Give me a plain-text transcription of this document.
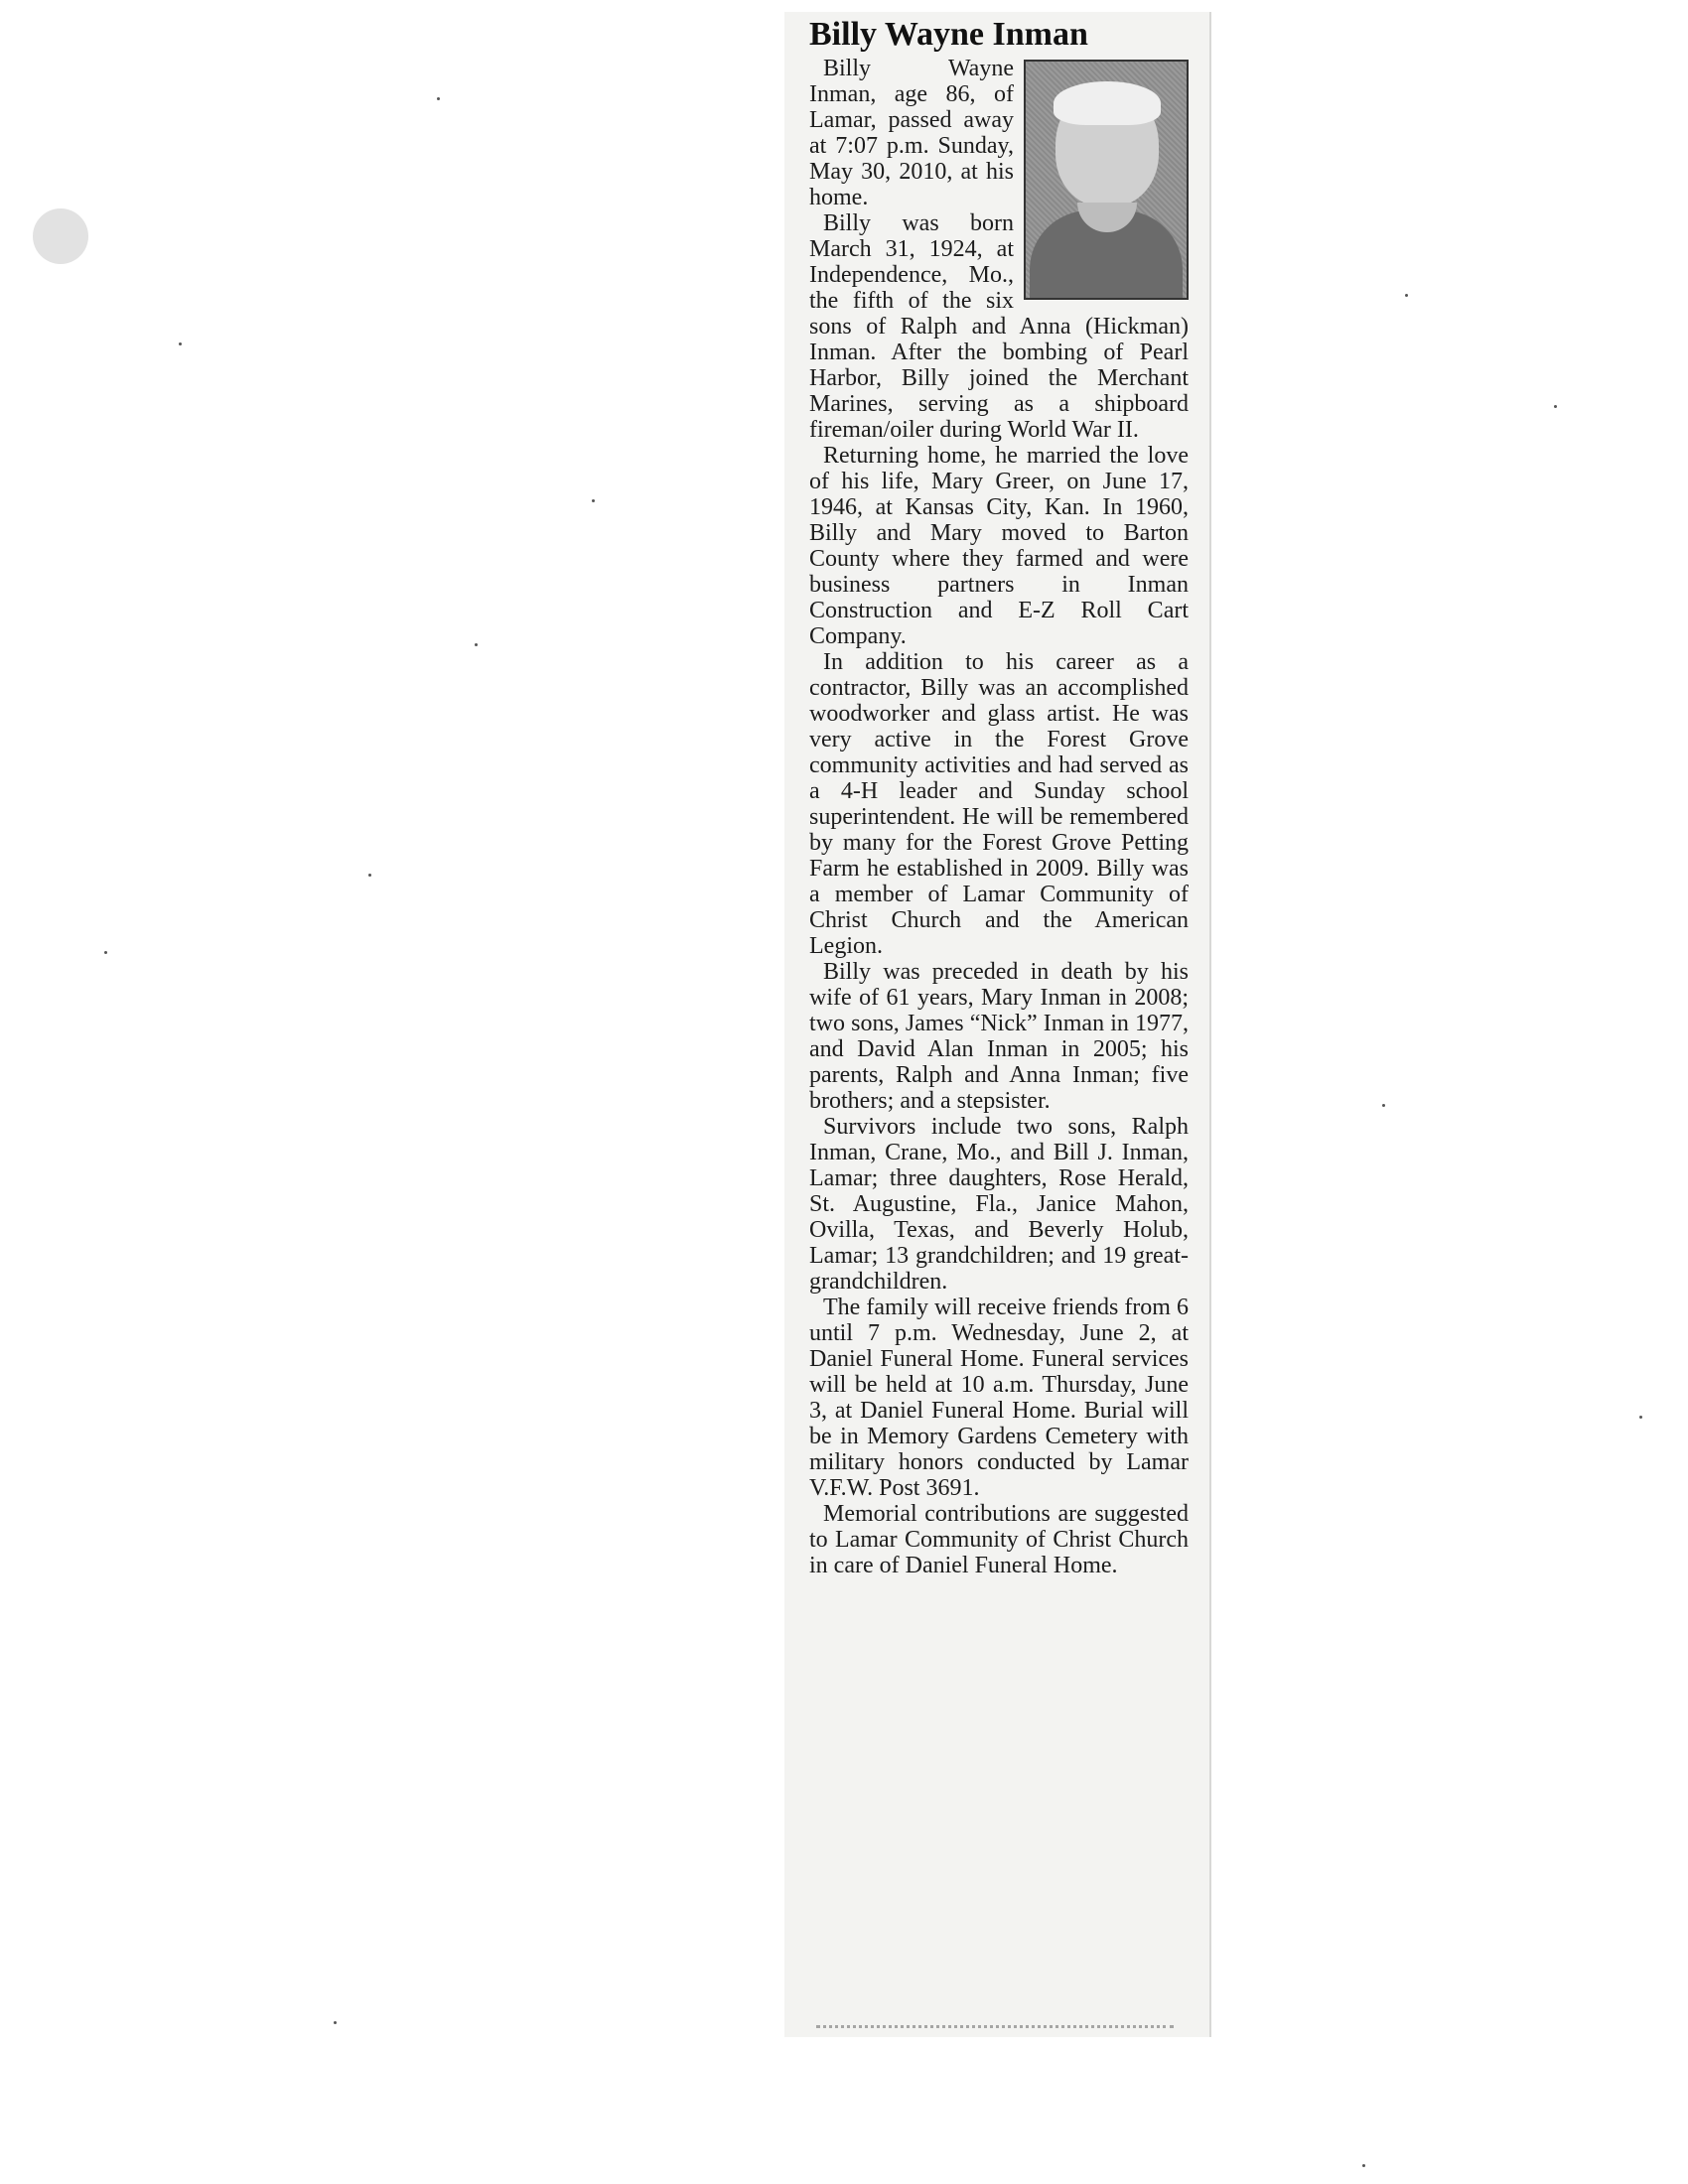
Billy Wayne Inman

Billy Wayne Inman, age 86, of Lamar, passed away at 7:07 p.m. Sunday, May 30, 2010, at his home.

Billy was born March 31, 1924, at Independence, Mo., the fifth of the six sons of Ralph and Anna (Hickman) Inman. After the bombing of Pearl Harbor, Billy joined the Merchant Marines, serving as a shipboard fireman/oiler during World War II.

Returning home, he married the love of his life, Mary Greer, on June 17, 1946, at Kansas City, Kan. In 1960, Billy and Mary moved to Barton County where they farmed and were business partners in Inman Construction and E-Z Roll Cart Company.

In addition to his career as a contractor, Billy was an accomplished woodworker and glass artist. He was very active in the Forest Grove community activities and had served as a 4-H leader and Sunday school superintendent. He will be remembered by many for the Forest Grove Petting Farm he established in 2009. Billy was a member of Lamar Community of Christ Church and the American Legion.

Billy was preceded in death by his wife of 61 years, Mary Inman in 2008; two sons, James “Nick” Inman in 1977, and David Alan Inman in 2005; his parents, Ralph and Anna Inman; five brothers; and a stepsister.

Survivors include two sons, Ralph Inman, Crane, Mo., and Bill J. Inman, Lamar; three daughters, Rose Herald, St. Augustine, Fla., Janice Mahon, Ovilla, Texas, and Beverly Holub, Lamar; 13 grandchildren; and 19 great-grandchildren.

The family will receive friends from 6 until 7 p.m. Wednesday, June 2, at Daniel Funeral Home. Funeral services will be held at 10 a.m. Thursday, June 3, at Daniel Funeral Home. Burial will be in Memory Gardens Cemetery with military honors conducted by Lamar V.F.W. Post 3691.

Memorial contributions are suggested to Lamar Community of Christ Church in care of Daniel Funeral Home.
